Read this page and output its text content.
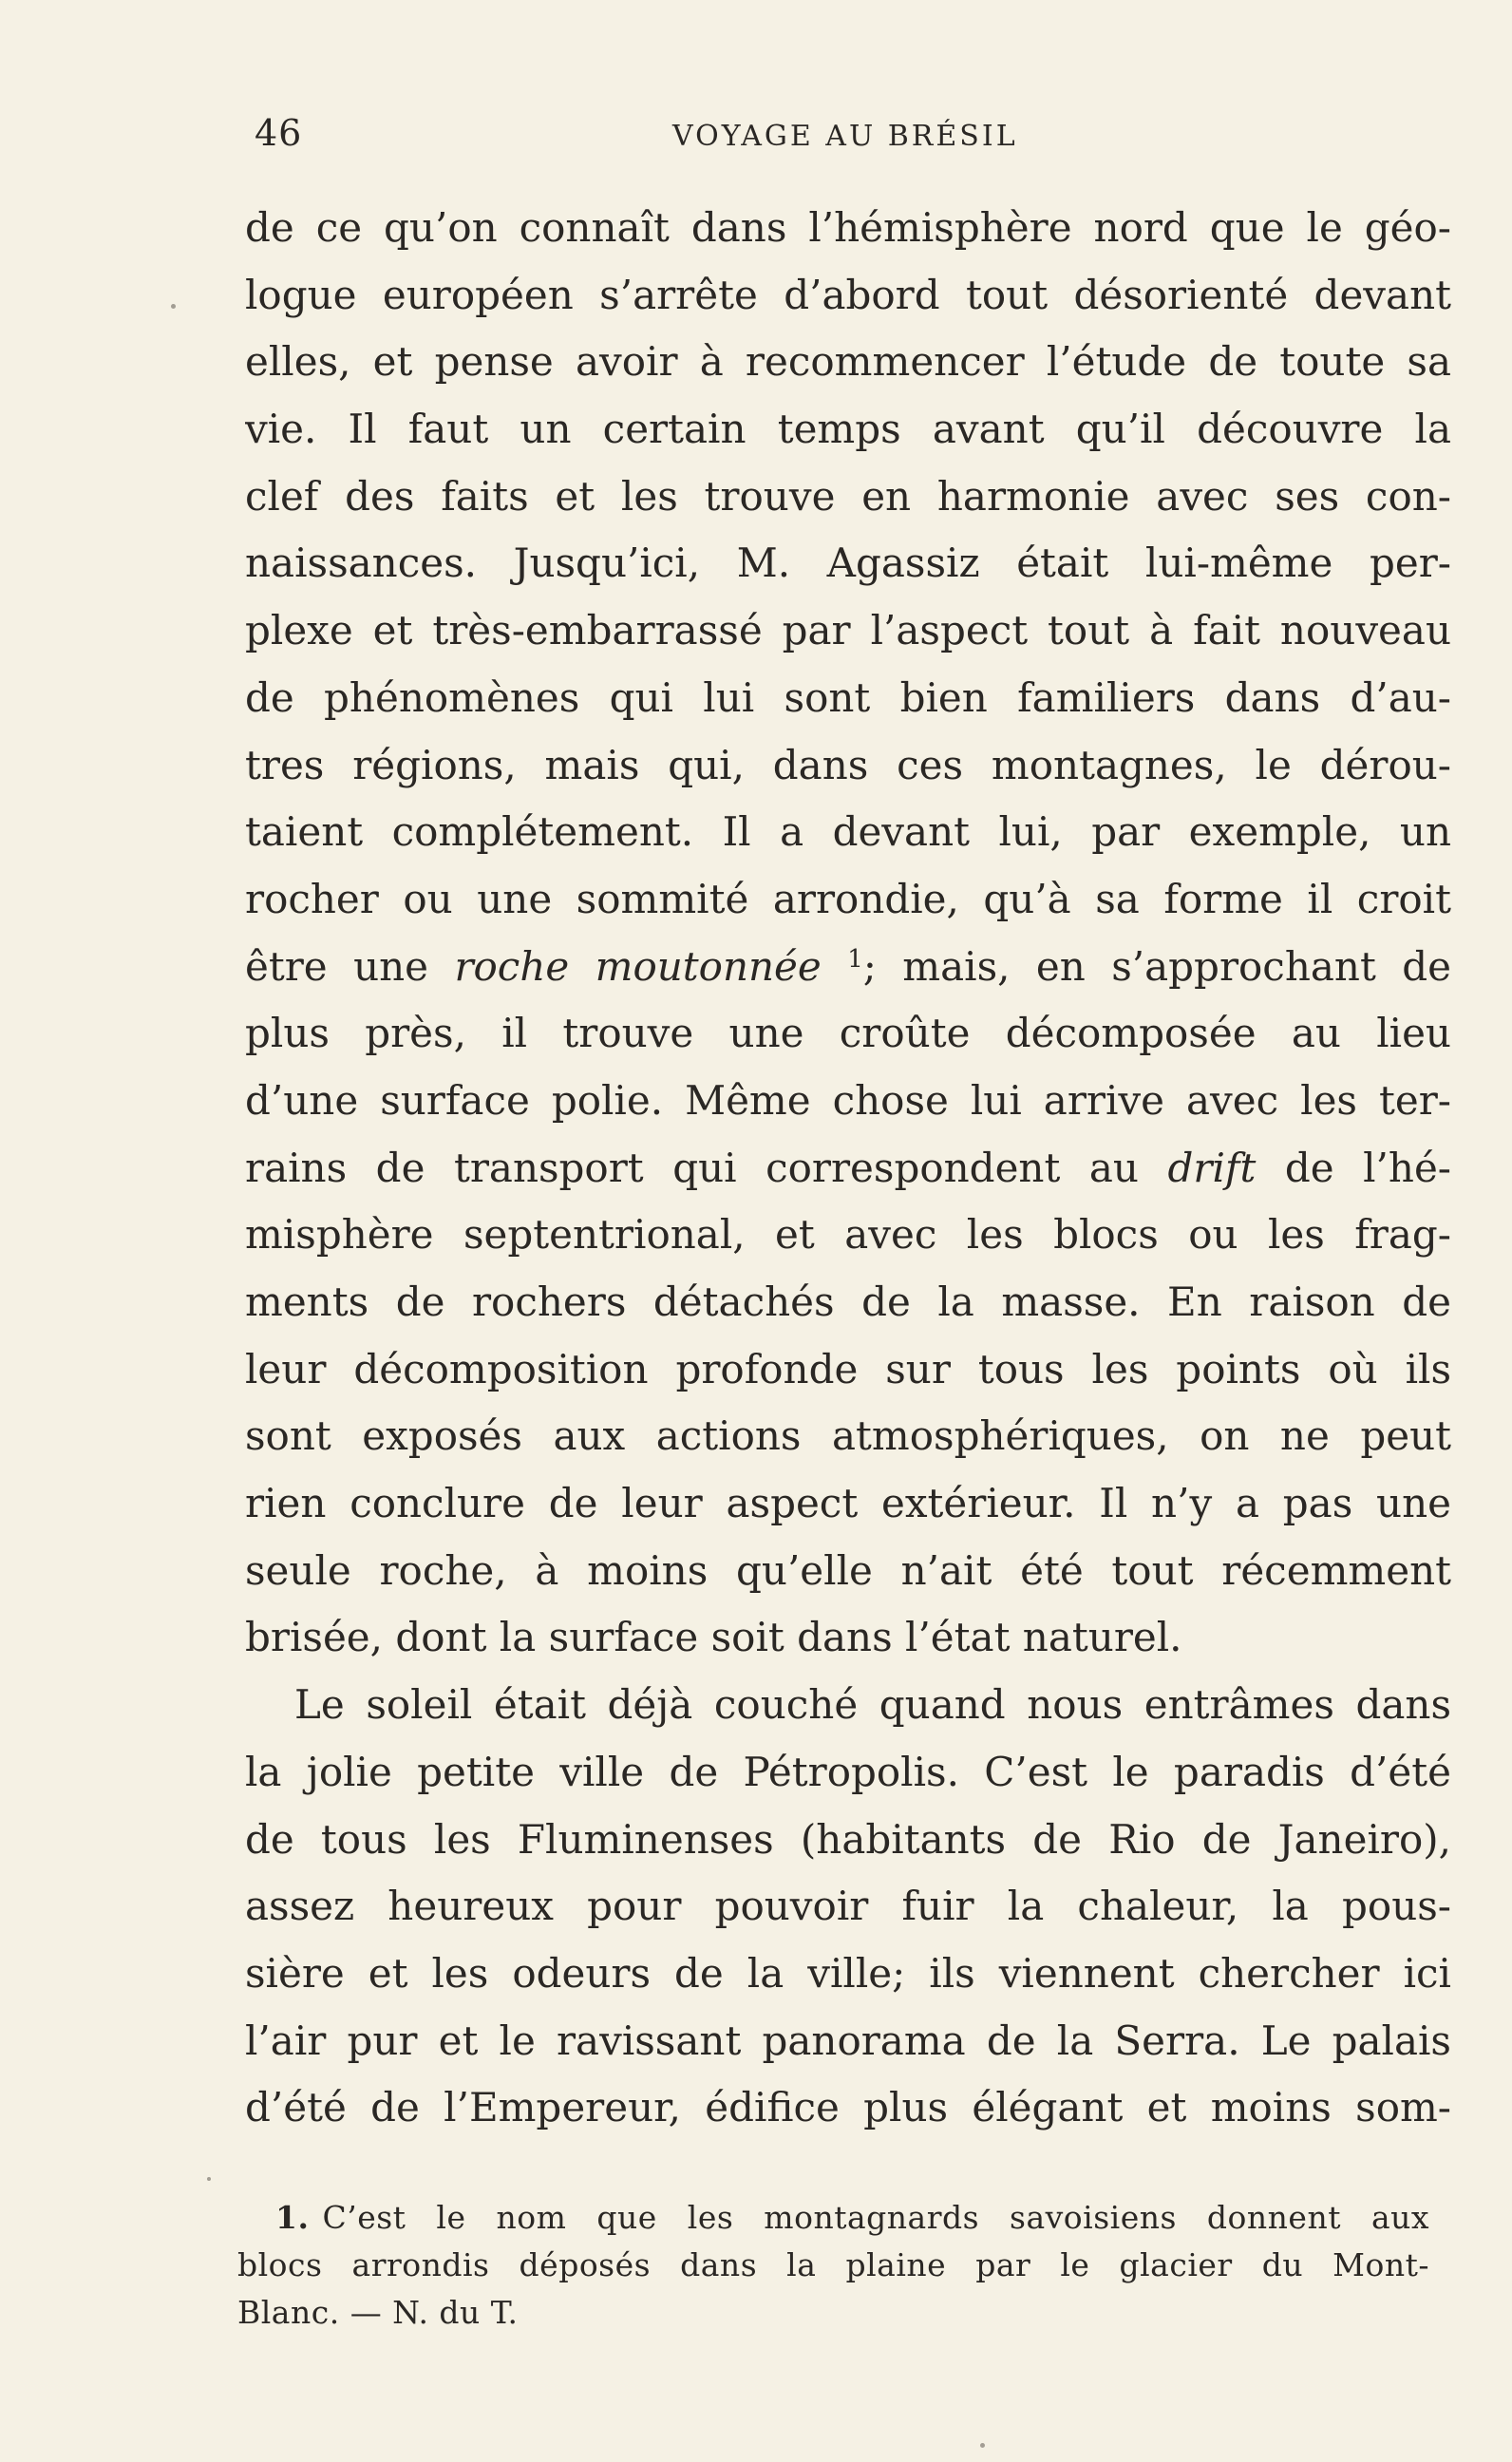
46	VOYAGE AU BRÉSIL
de ce qu’on connaît dans l’hémisphère nord que le géo-
logue européen s’arrête d’abord tout désorienté devant
elles, et pense avoir à recommencer l’étude de toute sa
vie. Il faut un certain temps avant qu’il découvre la
clef des faits et les trouve en harmonie avec ses con-
naissances. Jusqu’ici, M. Agassiz était lui-même per-
plexe et très-embarrassé par l’aspect tout à fait nouveau
de phénomènes qui lui sont bien familiers dans d’au-
tres régions, mais qui, dans ces montagnes, le dérou-
taient complétement. Il a devant lui, par exemple, un
rocher ou une sommité arrondie, qu’à sa forme il croit
être une roche moutonnée $^1$; mais, en s’approchant de
plus près, il trouve une croûte décomposée au lieu
d’une surface polie. Même chose lui arrive avec les ter-
rains de transport qui correspondent au drift de l’hé-
misphère septentrional, et avec les blocs ou les frag-
ments de rochers détachés de la masse. En raison de
leur décomposition profonde sur tous les points où ils
sont exposés aux actions atmosphériques, on ne peut
rien conclure de leur aspect extérieur. Il n’y a pas une
seule roche, à moins qu’elle n’ait été tout récemment
brisée, dont la surface soit dans l’état naturel.
Le soleil était déjà couché quand nous entrâmes dans
la jolie petite ville de Pétropolis. C’est le paradis d’été
de tous les Fluminenses (habitants de Rio de Janeiro),
assez heureux pour pouvoir fuir la chaleur, la pous-
sière et les odeurs de la ville; ils viennent chercher ici
l’air pur et le ravissant panorama de la Serra. Le palais
d’été de l’Empereur, édifice plus élégant et moins som-
1. C’est le nom que les montagnards savoisiens donnent aux
blocs arrondis déposés dans la plaine par le glacier du Mont-
Blanc. — N. du T.
